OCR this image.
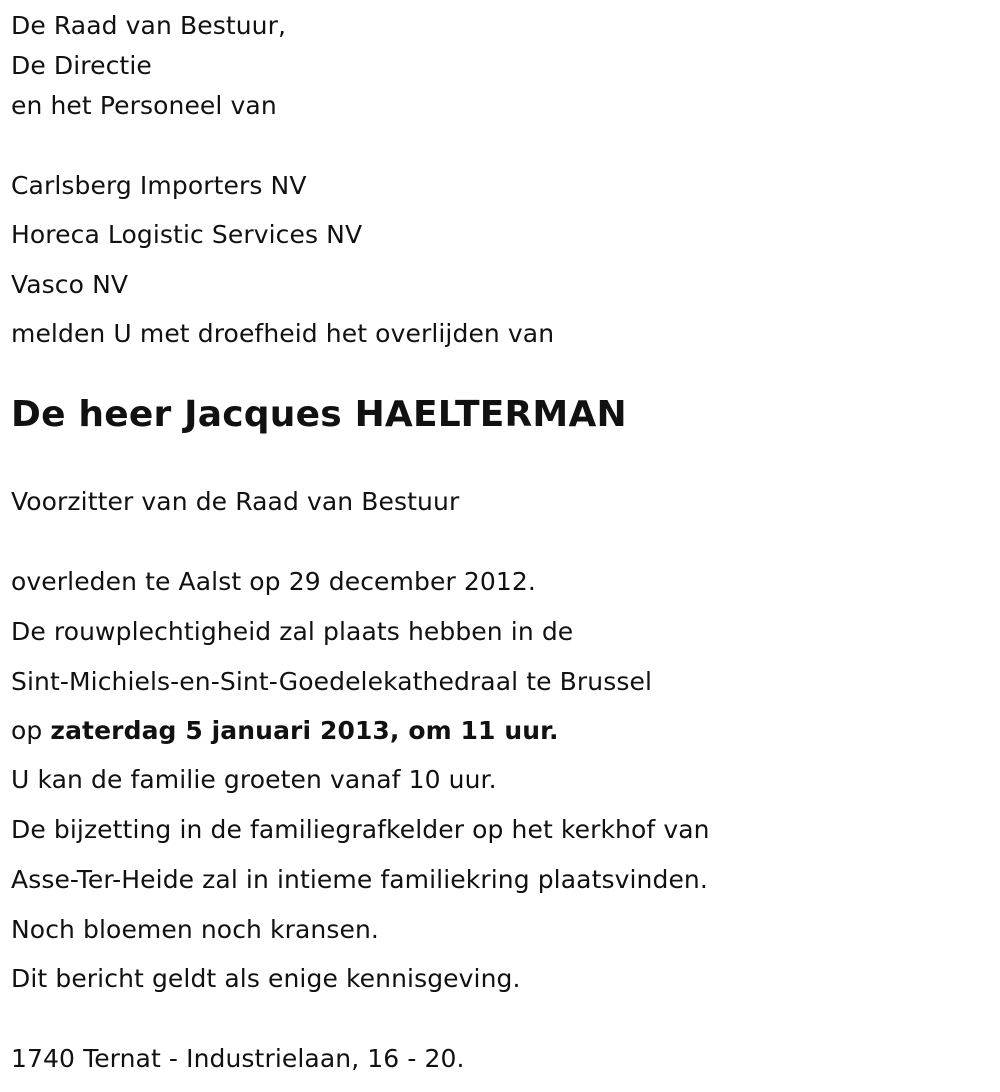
De Raad van Bestuur,
De Directie
en het Personeel van
Carlsberg Importers NV
Horeca Logistic Services NV
Vasco NV
melden U met droefheid het overlijden van
De heer Jacques HAELTERMAN
Voorzitter van de Raad van Bestuur
overleden te Aalst op 29 december 2012.
De rouwplechtigheid zal plaats hebben in de
Sint-Michiels-en-Sint-Goedelekathedraal te Brussel
op zaterdag 5 januari 2013, om 11 uur.
U kan de familie groeten vanaf 10 uur.
De bijzetting in de familiegrafkelder op het kerkhof van
Asse-Ter-Heide zal in intieme familiekring plaatsvinden.
Noch bloemen noch kransen.
Dit bericht geldt als enige kennisgeving.
1740 Ternat - Industrielaan, 16 - 20.
